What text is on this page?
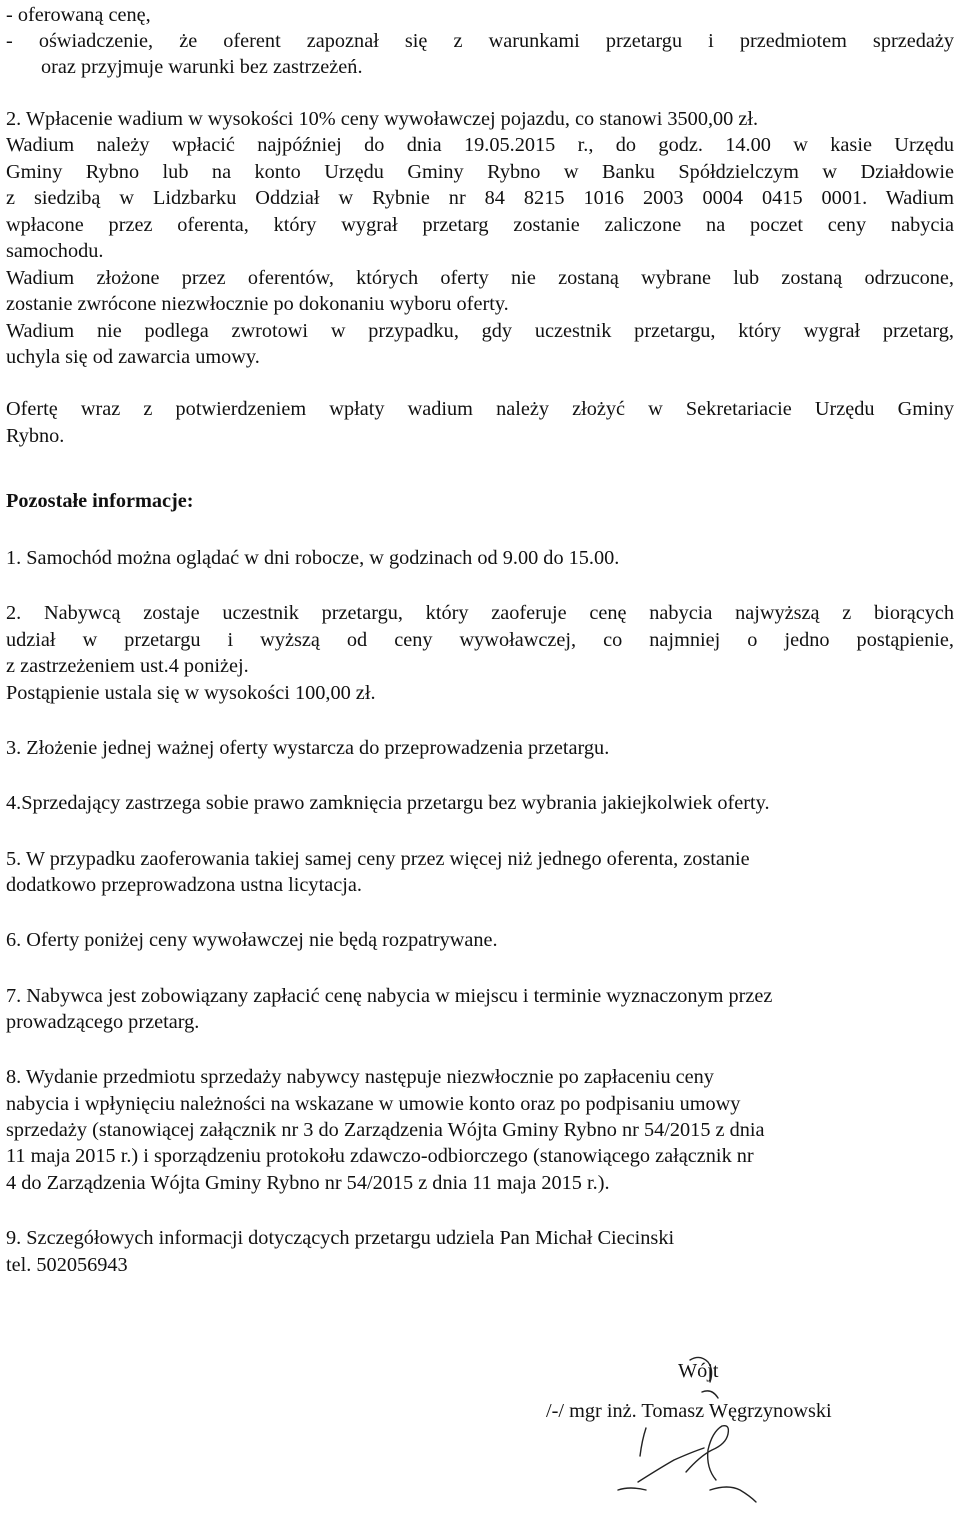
- oferowaną cenę,
- oświadczenie, że oferent zapoznał się z warunkami przetargu i przedmiotem sprzedaży
oraz przyjmuje warunki bez zastrzeżeń.
2. Wpłacenie wadium w wysokości 10% ceny wywoławczej pojazdu, co stanowi 3500,00 zł.
Wadium należy wpłacić najpóźniej do dnia 19.05.2015 r., do godz. 14.00 w kasie Urzędu
Gminy Rybno lub na konto Urzędu Gminy Rybno w Banku Spółdzielczym w Działdowie
z siedzibą w Lidzbarku Oddział w Rybnie nr 84 8215 1016 2003 0004 0415 0001. Wadium
wpłacone przez oferenta, który wygrał przetarg zostanie zaliczone na poczet ceny nabycia
samochodu.
Wadium złożone przez oferentów, których oferty nie zostaną wybrane lub zostaną odrzucone,
zostanie zwrócone niezwłocznie po dokonaniu wyboru oferty.
Wadium nie podlega zwrotowi w przypadku, gdy uczestnik przetargu, który wygrał przetarg,
uchyla się od zawarcia umowy.
Ofertę wraz z potwierdzeniem wpłaty wadium należy złożyć w Sekretariacie Urzędu Gminy
Rybno.
Pozostałe informacje:
1. Samochód można oglądać w dni robocze, w godzinach od 9.00 do 15.00.
2. Nabywcą zostaje uczestnik przetargu, który zaoferuje cenę nabycia najwyższą z biorących
udział w przetargu i wyższą od ceny wywoławczej, co najmniej o jedno postąpienie,
z zastrzeżeniem ust.4 poniżej.
Postąpienie ustala się w wysokości 100,00 zł.
3. Złożenie jednej ważnej oferty wystarcza do przeprowadzenia przetargu.
4.Sprzedający zastrzega sobie prawo zamknięcia przetargu bez wybrania jakiejkolwiek oferty.
5. W przypadku zaoferowania takiej samej ceny przez więcej niż jednego oferenta, zostanie
dodatkowo przeprowadzona ustna licytacja.
6. Oferty poniżej ceny wywoławczej nie będą rozpatrywane.
7. Nabywca jest zobowiązany zapłacić cenę nabycia w miejscu i terminie wyznaczonym przez
prowadzącego przetarg.
8. Wydanie przedmiotu sprzedaży nabywcy następuje niezwłocznie po zapłaceniu ceny
nabycia i wpłynięciu należności na wskazane w umowie konto oraz po podpisaniu umowy
sprzedaży (stanowiącej załącznik nr 3 do Zarządzenia Wójta Gminy Rybno nr 54/2015 z dnia
11 maja 2015 r.) i sporządzeniu protokołu zdawczo-odbiorczego (stanowiącego załącznik nr
4 do Zarządzenia Wójta Gminy Rybno nr 54/2015 z dnia 11 maja 2015 r.).
9. Szczegółowych informacji dotyczących przetargu udziela Pan Michał Ciecinski
tel. 502056943
Wójt
/-/ mgr inż. Tomasz Węgrzynowski
